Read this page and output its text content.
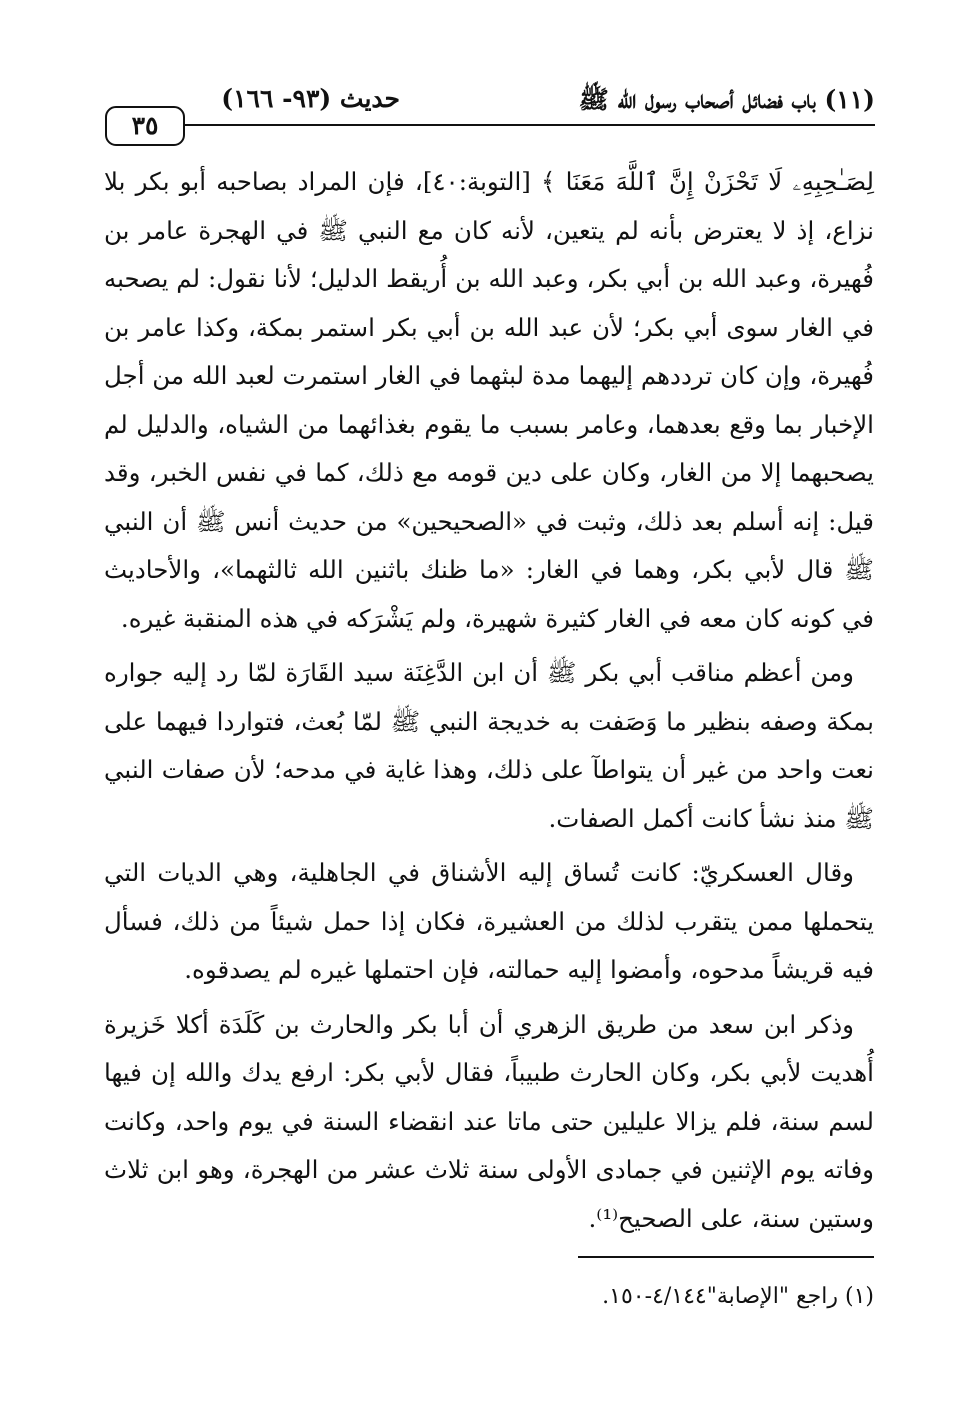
(١١) باب فضائل أصحاب رسول الله ﷺ
حديث (٩٣- ١٦٦)
٣٥

لِصَـٰحِبِهِۦ لَا تَحْزَنْ إِنَّ ٱللَّهَ مَعَنَا ﴾ [التوبة:٤٠]، فإن المراد بصاحبه أبو بكر بلا نزاع، إذ لا يعترض بأنه لم يتعين، لأنه كان مع النبي ﷺ في الهجرة عامر بن فُهيرة، وعبد الله بن أبي بكر، وعبد الله بن أُريقط الدليل؛ لأنا نقول: لم يصحبه في الغار سوى أبي بكر؛ لأن عبد الله بن أبي بكر استمر بمكة، وكذا عامر بن فُهيرة، وإن كان ترددهم إليهما مدة لبثهما في الغار استمرت لعبد الله من أجل الإخبار بما وقع بعدهما، وعامر بسبب ما يقوم بغذائهما من الشياه، والدليل لم يصحبهما إلا من الغار، وكان على دين قومه مع ذلك، كما في نفس الخبر، وقد قيل: إنه أسلم بعد ذلك، وثبت في «الصحيحين» من حديث أنس ﷺ أن النبي ﷺ قال لأبي بكر، وهما في الغار: «ما ظنك باثنين الله ثالثهما»، والأحاديث في كونه كان معه في الغار كثيرة شهيرة، ولم يَشْرَكه في هذه المنقبة غيره.

ومن أعظم مناقب أبي بكر ﷺ أن ابن الدَّغِنَة سيد القَارَة لمّا رد إليه جواره بمكة وصفه بنظير ما وَصَفت به خديجة النبي ﷺ لمّا بُعث، فتواردا فيهما على نعت واحد من غير أن يتواطآ على ذلك، وهذا غاية في مدحه؛ لأن صفات النبي ﷺ منذ نشأ كانت أكمل الصفات.

وقال العسكريّ: كانت تُساق إليه الأشناق في الجاهلية، وهي الديات التي يتحملها ممن يتقرب لذلك من العشيرة، فكان إذا حمل شيئاً من ذلك، فسأل فيه قريشاً مدحوه، وأمضوا إليه حمالته، فإن احتملها غيره لم يصدقوه.

وذكر ابن سعد من طريق الزهري أن أبا بكر والحارث بن كَلَدَة أكلا خَزيرة أُهديت لأبي بكر، وكان الحارث طبيباً، فقال لأبي بكر: ارفع يدك والله إن فيها لسم سنة، فلم يزالا عليلين حتى ماتا عند انقضاء السنة في يوم واحد، وكانت وفاته يوم الإثنين في جمادى الأولى سنة ثلاث عشر من الهجرة، وهو ابن ثلاث وستين سنة، على الصحيح⁽¹⁾.

(١) راجع "الإصابة"٤/١٤٤-١٥٠.
